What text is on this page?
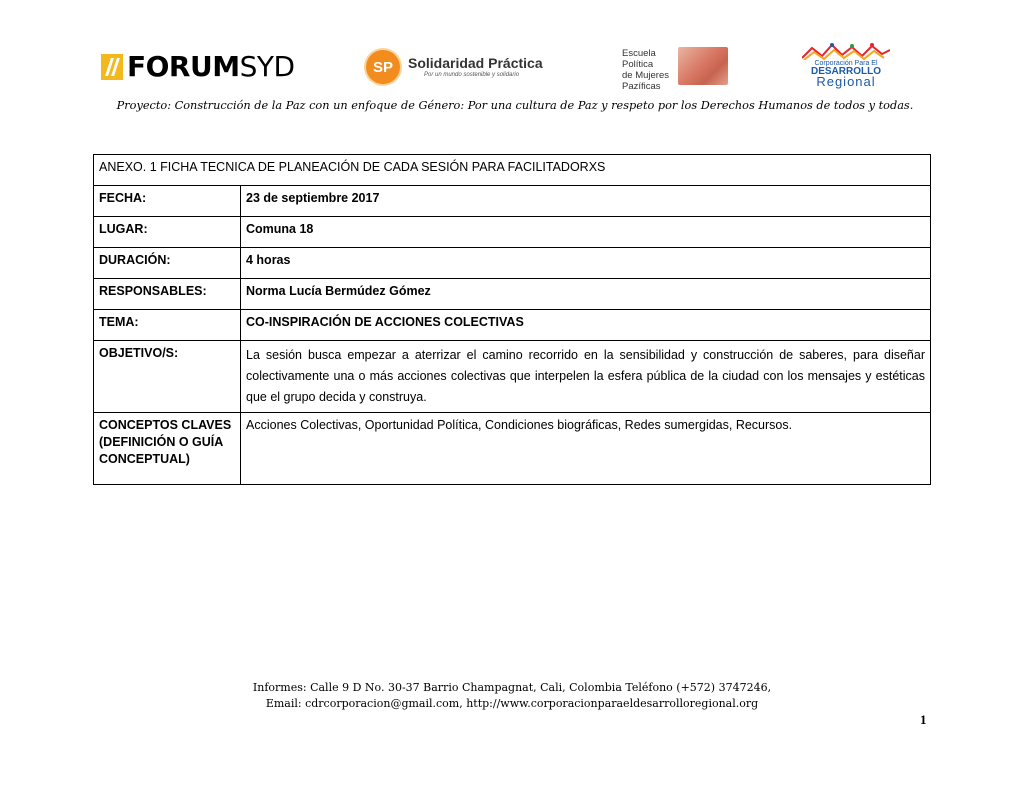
FORUM SYD	SP	Solidaridad Práctica
Por un mundo sostenible y solidario
Escuela Política
de Mujeres
Pazíficas
Corporación Para El
DESARROLLO
Regional
Proyecto: Construcción de la Paz con un enfoque de Género: Por una cultura de Paz y respeto por los Derechos Humanos de todos y todas.
ANEXO. 1 FICHA TECNICA DE PLANEACIÓN DE CADA SESIÓN PARA FACILITADORXS	
FECHA:	23 de septiembre 2017
LUGAR:	Comuna 18
DURACIÓN:	4 horas
RESPONSABLES:	Norma Lucía Bermúdez Gómez
TEMA:	CO-INSPIRACIÓN DE ACCIONES COLECTIVAS
OBJETIVO/S:	La sesión busca empezar a aterrizar el camino recorrido en la sensibilidad y construcción de saberes, para diseñar colectivamente una o más acciones colectivas que interpelen la esfera pública de la ciudad con los mensajes y estéticas que el grupo decida y construya.
CONCEPTOS CLAVES (DEFINICIÓN O GUÍA CONCEPTUAL)	Acciones Colectivas, Oportunidad Política, Condiciones biográficas, Redes sumergidas, Recursos.
Informes: Calle 9 D No. 30-37 Barrio Champagnat, Cali, Colombia Teléfono (+572) 3747246,
Email: cdrcorporacion@gmail.com, http://www.corporacionparaeldesarrolloregional.org
1
